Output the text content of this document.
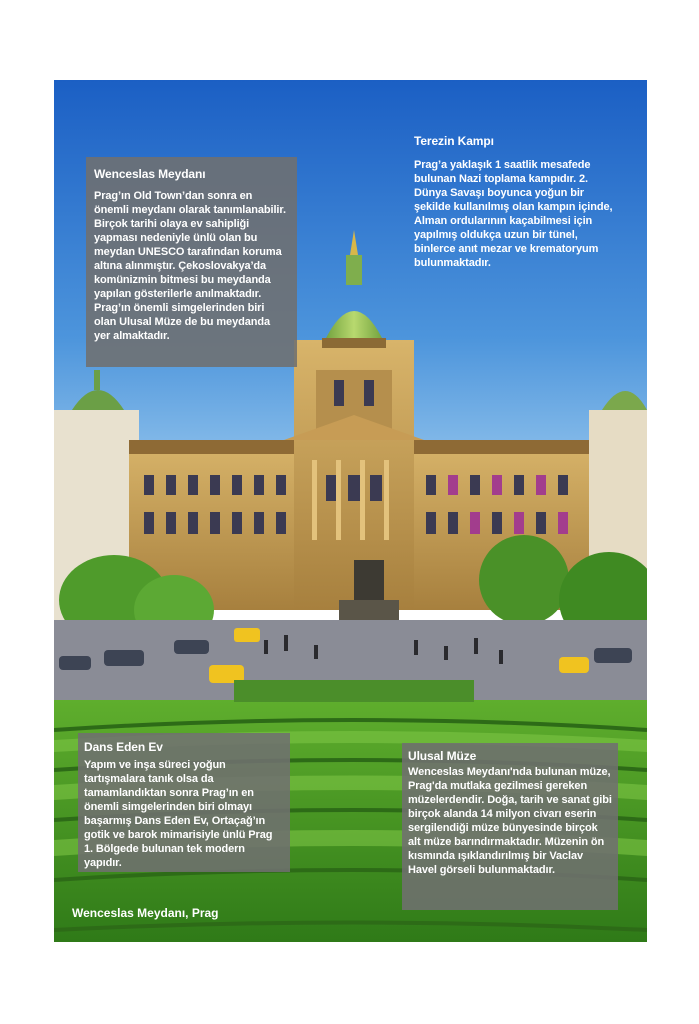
Wenceslas Meydanı
Prag’ın Old Town’dan sonra en önemli meydanı olarak tanımlanabilir. Birçok tarihi olaya ev sahipliği yapması nedeniyle ünlü olan bu meydan UNESCO tarafından koruma altına alınmıştır. Çekoslovakya’da komünizmin bitmesi bu meydanda yapılan gösterilerle anılmaktadır. Prag’ın önemli simgelerinden biri olan Ulusal Müze de bu meydanda yer almaktadır.
Terezin Kampı
Prag’a yaklaşık 1 saatlik mesafede bulunan Nazi toplama kampıdır. 2. Dünya Savaşı boyunca yoğun bir şekilde kullanılmış olan kampın içinde, Alman ordularının kaçabilmesi için yapılmış oldukça uzun bir tünel, binlerce anıt mezar ve krematoryum bulunmaktadır.
Dans Eden Ev
Yapım ve inşa süreci yoğun tartışmalara tanık olsa da tamamlandıktan sonra Prag’ın en önemli simgelerinden biri olmayı başarmış Dans Eden Ev, Ortaçağ’ın gotik ve barok mimarisiyle ünlü Prag 1. Bölgede bulunan tek modern yapıdır.
Ulusal Müze
Wenceslas Meydanı'nda bulunan müze, Prag'da mutlaka gezilmesi gereken müzelerdendir. Doğa, tarih ve sanat gibi birçok alanda 14 milyon civarı eserin sergilendiği müze bünyesinde birçok alt müze barındırmaktadır. Müzenin ön kısmında ışıklandırılmış bir Vaclav Havel görseli bulunmaktadır.
Wenceslas Meydanı, Prag
